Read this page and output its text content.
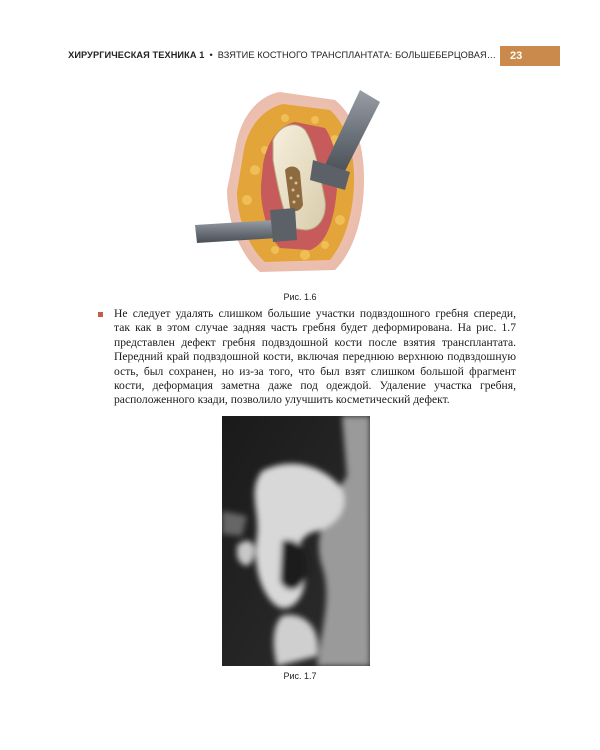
ХИРУРГИЧЕСКАЯ ТЕХНИКА 1 • ВЗЯТИЕ КОСТНОГО ТРАНСПЛАНТАТА: БОЛЬШЕБЕРЦОВАЯ…	23
Рис. 1.6

Не следует удалять слишком большие участки подвздошного гребня спереди, так как в этом случае задняя часть гребня будет деформирована. На рис. 1.7 представлен дефект гребня подвздошной кости после взятия трансплантата. Передний край подвздошной кости, включая переднюю верхнюю подвздошную ость, был сохранен, но из-за того, что был взят слишком большой фрагмент кости, деформация заметна даже под одеждой. Удаление участка гребня, расположенного кзади, позволило улучшить косметический дефект.

Рис. 1.7
